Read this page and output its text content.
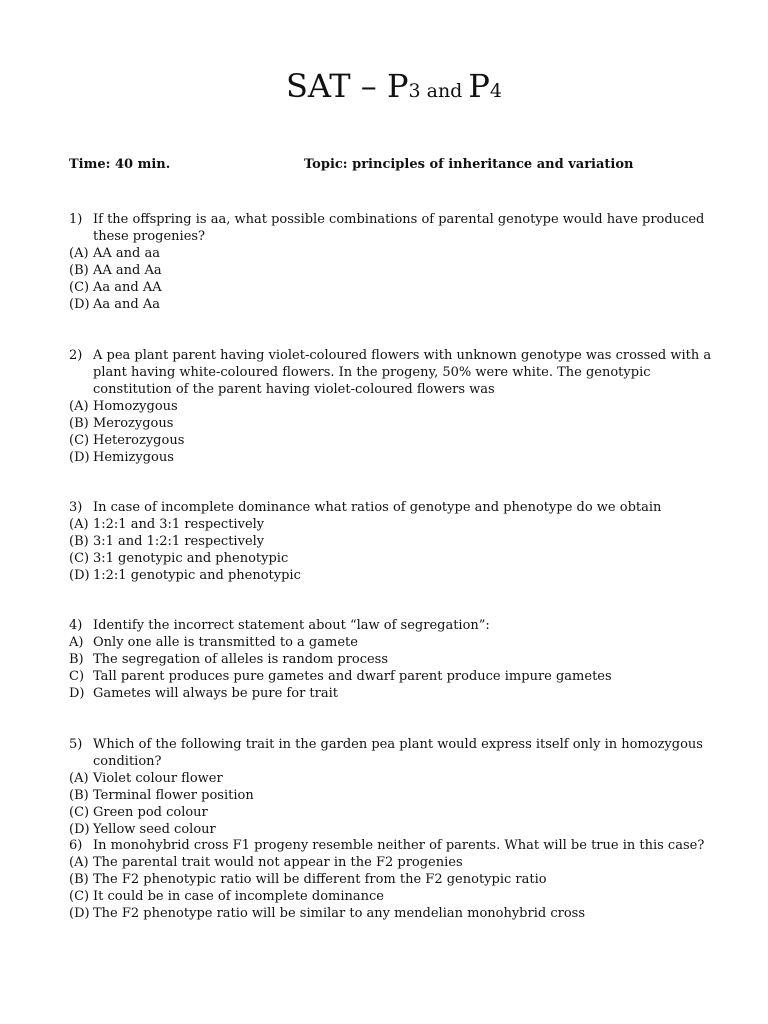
SAT – P3 and P4
Time: 40 min.	Topic: principles of inheritance and variation
1) If the offspring is aa, what possible combinations of parental genotype would have produced these progenies?
(A) AA and aa
(B) AA and Aa
(C) Aa and AA
(D) Aa and Aa
2) A pea plant parent having violet-coloured flowers with unknown genotype was crossed with a plant having white-coloured flowers. In the progeny, 50% were white. The genotypic constitution of the parent having violet-coloured flowers was
(A) Homozygous
(B) Merozygous
(C) Heterozygous
(D) Hemizygous
3) In case of incomplete dominance what ratios of genotype and phenotype do we obtain
(A) 1:2:1 and 3:1 respectively
(B) 3:1 and 1:2:1 respectively
(C) 3:1 genotypic and phenotypic
(D) 1:2:1 genotypic and phenotypic
4) Identify the incorrect statement about “law of segregation”:
A) Only one alle is transmitted to a gamete
B) The segregation of alleles is random process
C) Tall parent produces pure gametes and dwarf parent produce impure gametes
D) Gametes will always be pure for trait
5) Which of the following trait in the garden pea plant would express itself only in homozygous condition?
(A) Violet colour flower
(B) Terminal flower position
(C) Green pod colour
(D) Yellow seed colour
6) In monohybrid cross F1 progeny resemble neither of parents. What will be true in this case?
(A) The parental trait would not appear in the F2 progenies
(B) The F2 phenotypic ratio will be different from the F2 genotypic ratio
(C) It could be in case of incomplete dominance
(D) The F2 phenotype ratio will be similar to any mendelian monohybrid cross
